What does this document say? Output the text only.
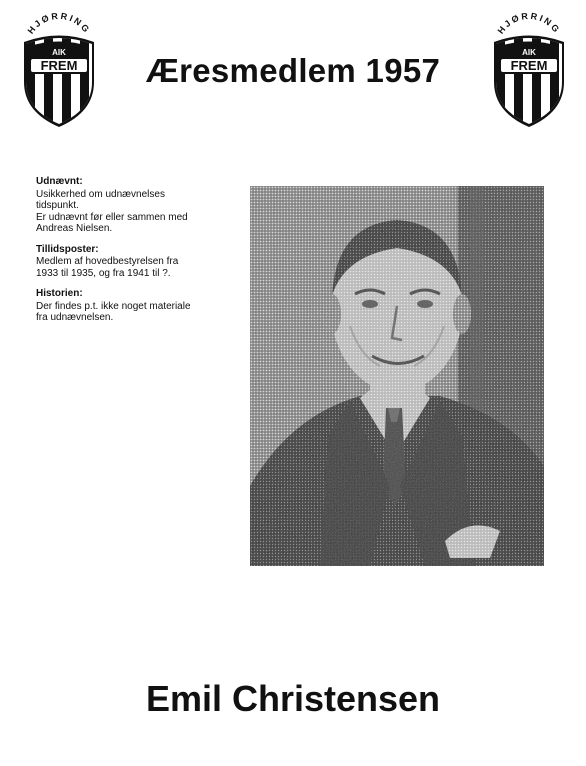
HJØRRING
AIK
FREM	Æresmedlem 1957
HJØRRING
AIK
FREM

Udnævnt:

Usikkerhed om udnævnelses

tidspunkt.

Er udnævnt før eller sammen med

Andreas Nielsen.

Tillidsposter:

Medlem af hovedbestyrelsen fra

1933 til 1935, og fra 1941 til ?.

Historien:

Der findes p.t. ikke noget materiale

fra udnævnelsen.

Emil Christensen
